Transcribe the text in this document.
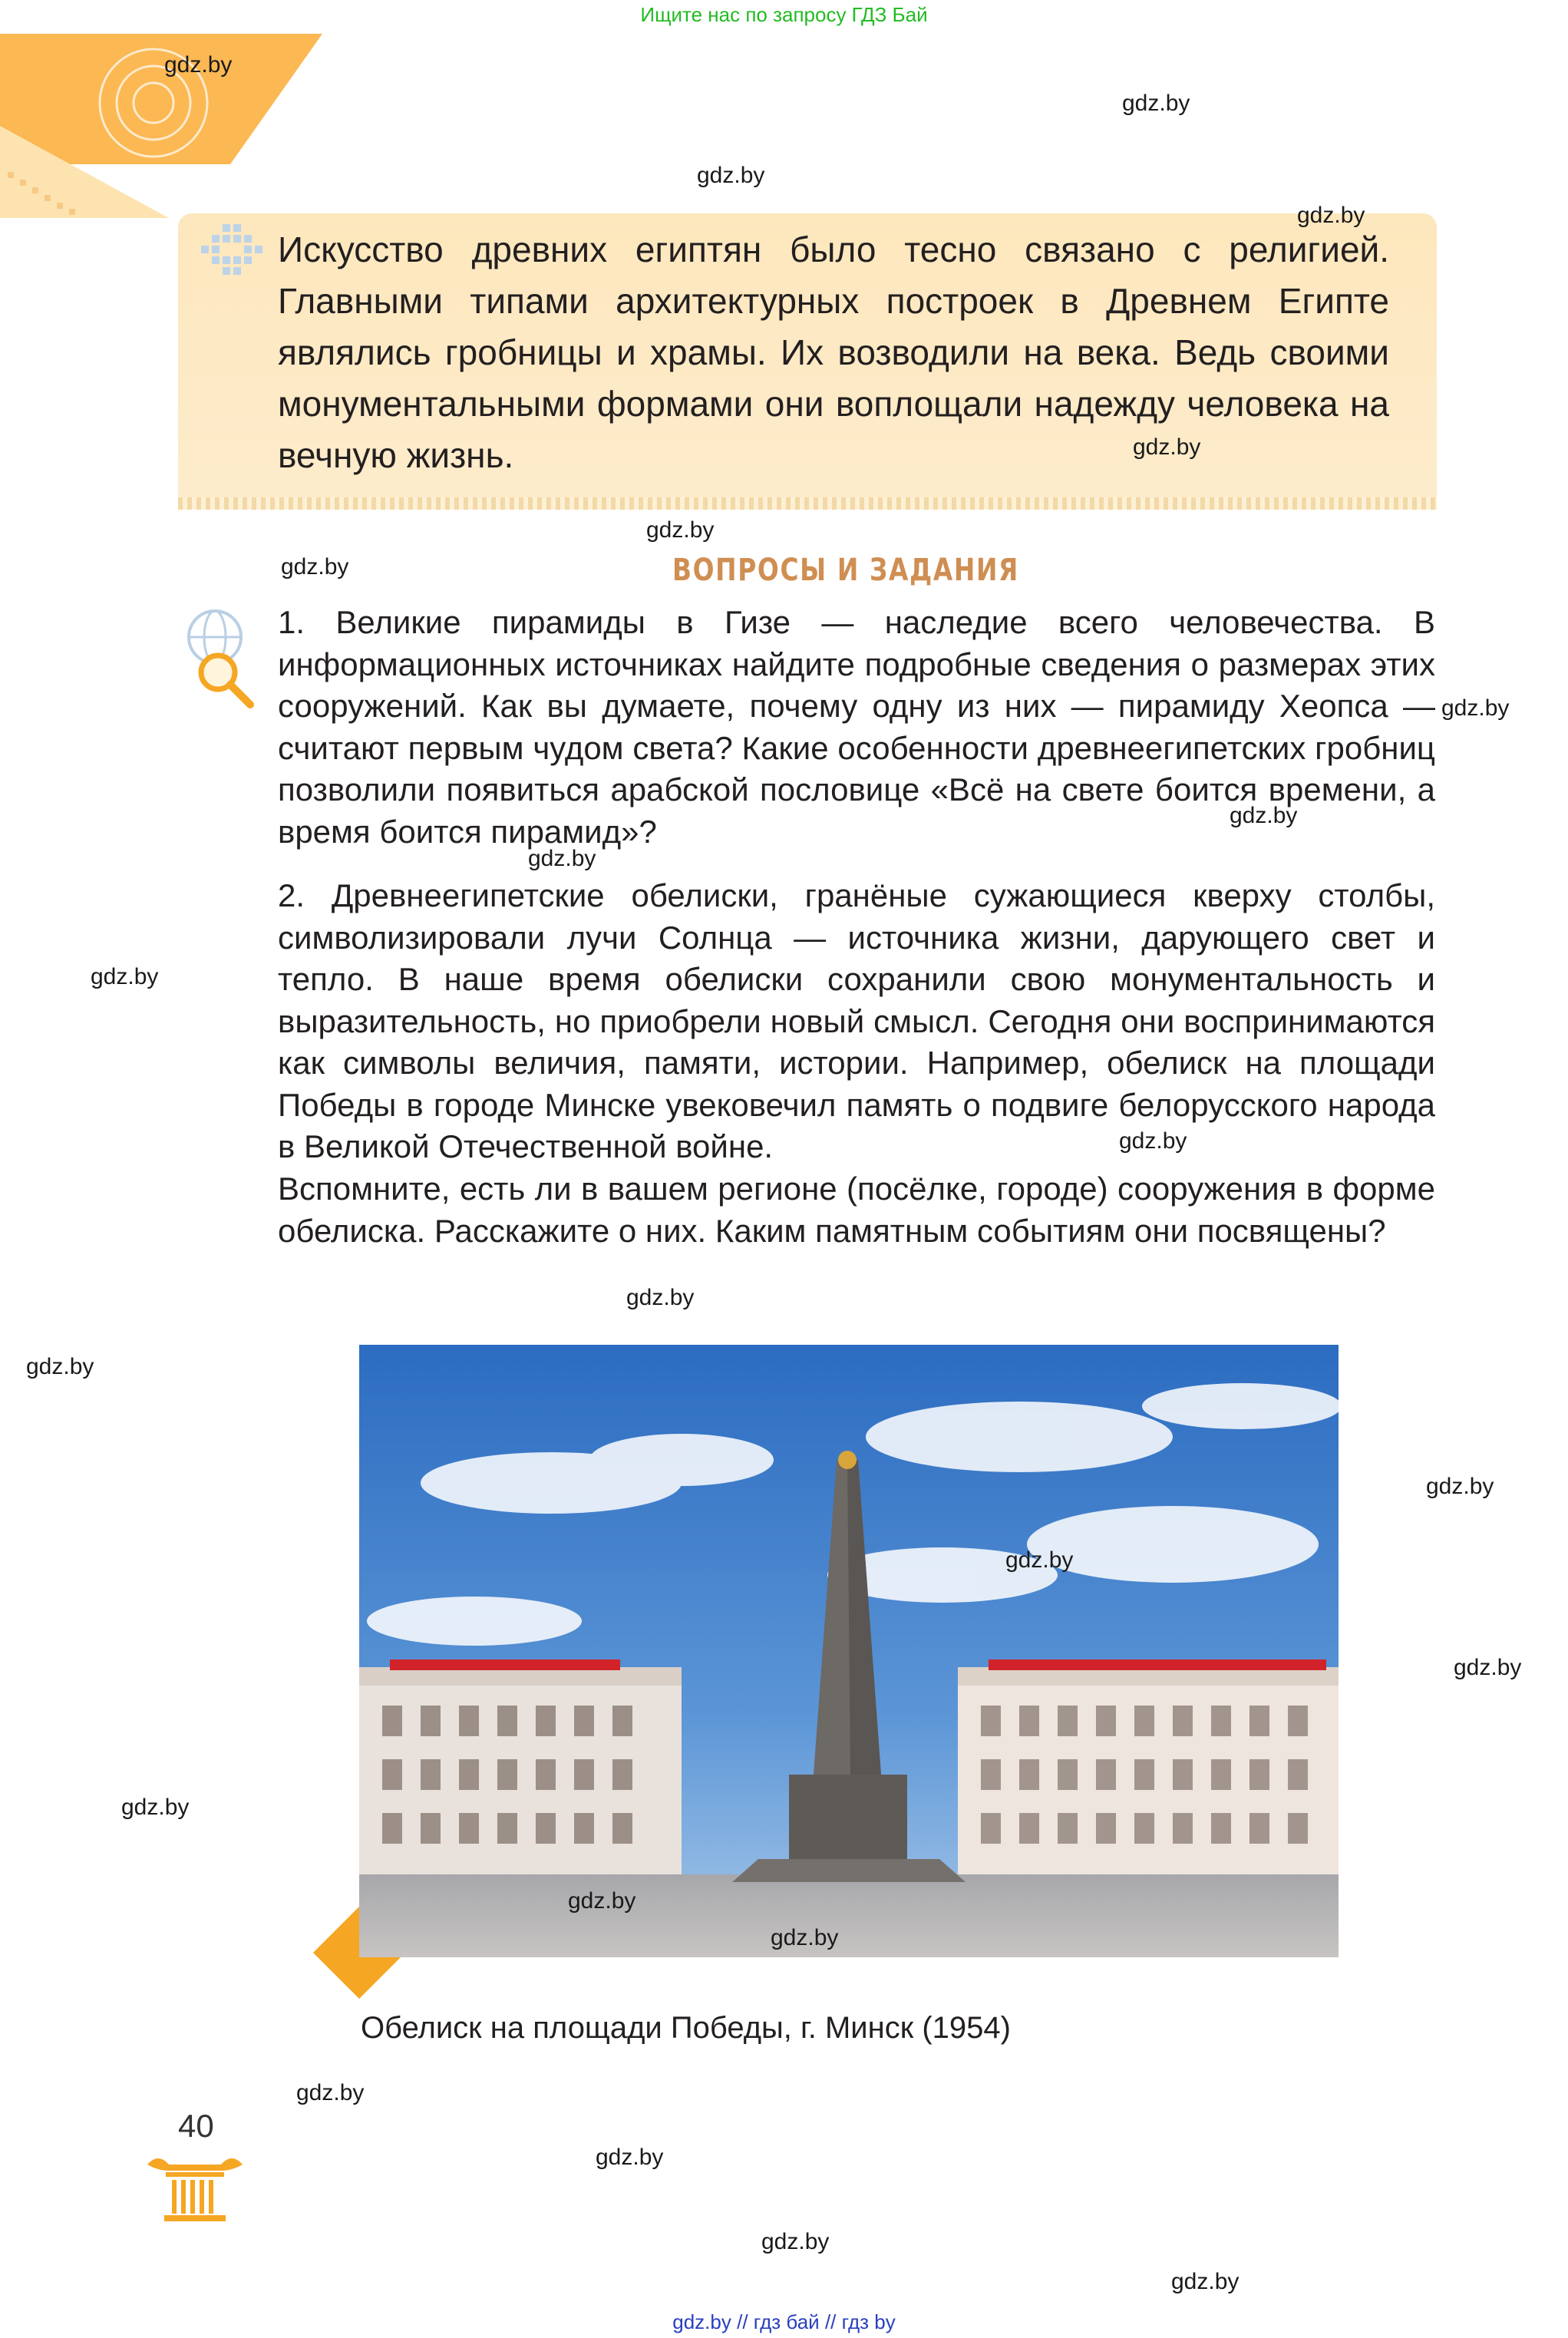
Ищите нас по запросу ГДЗ Бай
Искусство древних египтян было тесно связано с религией. Главными типами архитектурных построек в Древнем Египте являлись гробницы и храмы. Их возводили на века. Ведь своими монументальными формами они воплощали надежду человека на вечную жизнь.
ВОПРОСЫ И ЗАДАНИЯ
1. Великие пирамиды в Гизе — наследие всего человечества. В информационных источниках найдите подробные сведения о размерах этих сооружений. Как вы думаете, почему одну из них — пирамиду Хеопса — считают первым чудом света? Какие особенности древнеегипетских гробниц позволили появиться арабской пословице «Всё на свете боится времени, а время боится пирамид»?
2. Древнеегипетские обелиски, гранёные сужающиеся кверху столбы, символизировали лучи Солнца — источника жизни, дарующего свет и тепло. В наше время обелиски сохранили свою монументальность и выразительность, но приобрели новый смысл. Сегодня они воспринимаются как символы величия, памяти, истории. Например, обелиск на площади Победы в городе Минске увековечил память о подвиге белорусского народа в Великой Отечественной войне.
Вспомните, есть ли в вашем регионе (посёлке, городе) сооружения в форме обелиска. Расскажите о них. Каким памятным событиям они посвящены?
Обелиск на площади Победы, г. Минск (1954)
40
gdz.by
gdz.by
gdz.by
gdz.by
gdz.by
gdz.by
gdz.by
gdz.by
gdz.by
gdz.by
gdz.by
gdz.by
gdz.by
gdz.by
gdz.by
gdz.by
gdz.by
gdz.by
gdz.by
gdz.by
gdz.by
gdz.by
gdz.by
gdz.by
gdz.by // гдз бай // гдз by
